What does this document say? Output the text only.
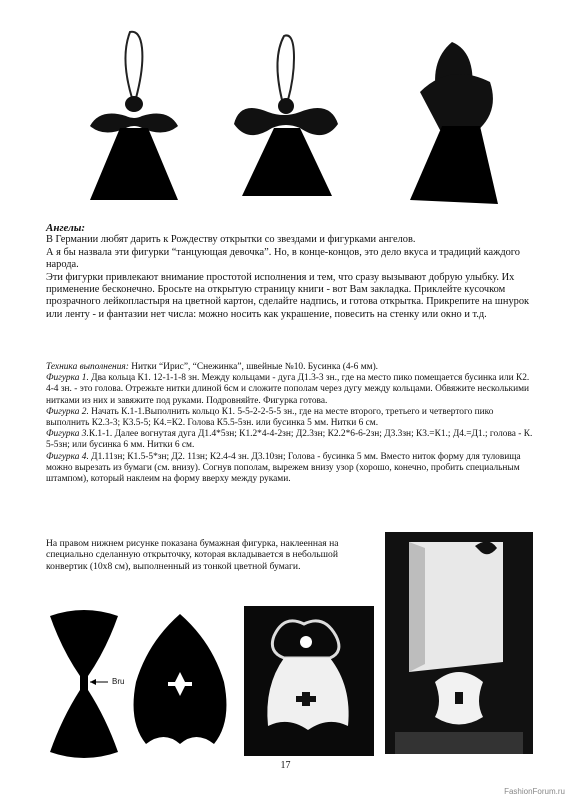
Ангелы:

В Германии любят дарить к Рождеству открытки со звездами и фигурками ангелов.

А я бы назвала эти фигурки “танцующая девочка”. Но, в конце-концов, это дело вкуса и традиций каждого народа.

Эти фигурки привлекают внимание простотой исполнения и тем, что сразу вызывают добрую улыбку. Их применение бесконечно. Бросьте на открытую страницу книги - вот Вам закладка. Приклейте кусочком прозрачного лейкопластыря на цветной картон, сделайте надпись, и готова открытка. Прикрепите на шнурок или ленту - и фантазии нет числа: можно носить как украшение, повесить на стенку или окно и т.д.

Техника выполнения: Нитки “Ирис”, “Снежинка”, швейные №10. Бусинка (4-6 мм).

Фигурка 1. Два кольца К1. 12-1-1-8 зн. Между кольцами - дуга Д1.3-3 зн., где на место пико помещается бусинка или К2. 4-4 зн. - это голова. Отрежьте нитки длиной 6см и сложите пополам через дугу между кольцами. Обвяжите несколькими нитками из них и завяжите под руками. Подровняйте. Фигурка готова.

Фигурка 2. Начать К.1-1.Выполнить кольцо К1. 5-5-2-2-5-5 зн., где на месте второго, третьего и четвертого пико выполнить К2.3-3; К3.5-5; К4.=К2. Голова К5.5-5зн. или бусинка 5 мм. Нитки 6 см.

Фигурка 3.К.1-1. Далее вогнутая дуга Д1.4*5зн; К1.2*4-4-2зн; Д2.3зн; К2.2*6-6-2зн; Д3.3зн; К3.=К1.; Д4.=Д1.; голова - К. 5-5зн; или бусинка 6 мм. Нитки 6 см.

Фигурка 4. Д1.11зн; К1.5-5*зн; Д2. 11зн; К2.4-4 зн. Д3.10зн; Голова - бусинка 5 мм. Вместо ниток форму для туловища можно вырезать из бумаги (см. внизу). Согнув пополам, вырежем внизу узор (хорошо, конечно, пробить специальным штампом), который наклеим на форму вверху между руками.

На правом нижнем рисунке показана бумажная фигурка, наклеенная на специально сделанную открыточку, которая вкладывается в небольшой конвертик (10х8 см), выполненный из тонкой цветной бумаги.
Bru
17
FashionForum.ru
